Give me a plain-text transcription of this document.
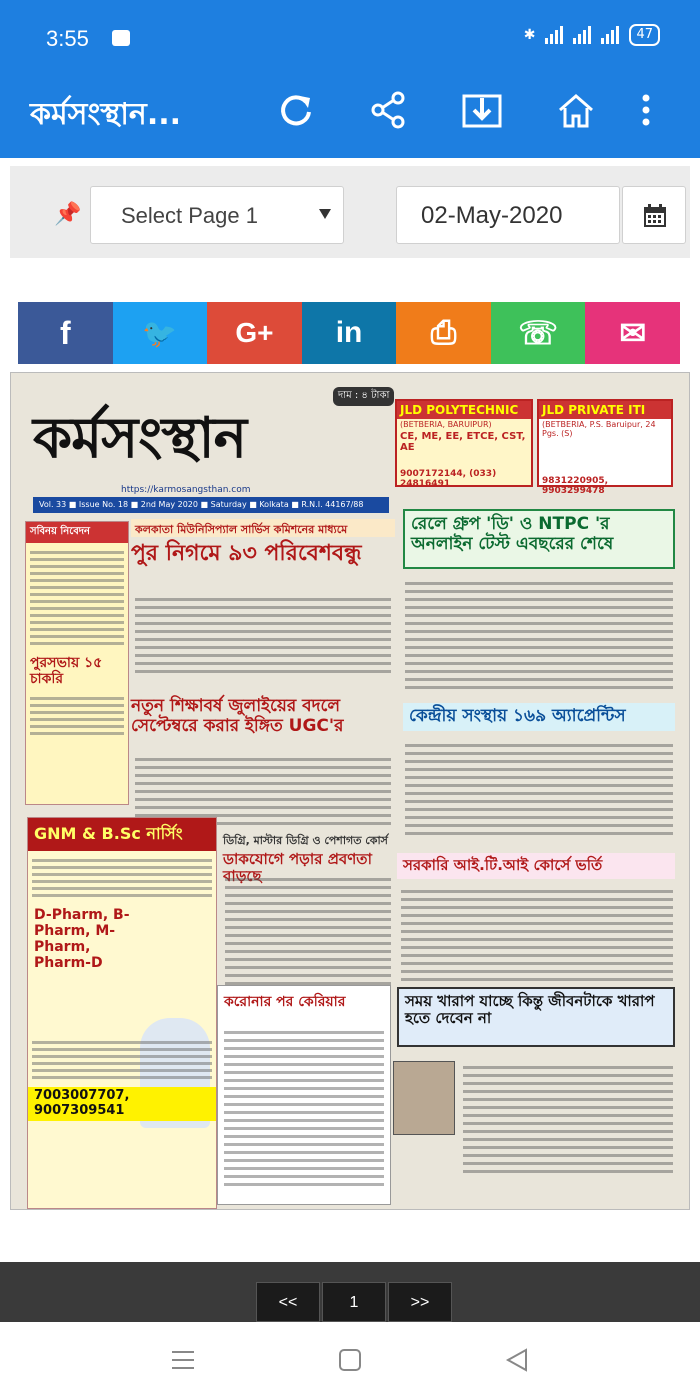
3:55	✱	47
কর্মসংস্থান...
📌 Select Page 1	02-May-2020
f	🐦 G+ in ⎙ ☏ ✉
কর্মসংস্থান
দাম : ৪ টাকা
https://karmosangsthan.com
JLD POLYTECHNIC
(BETBERIA, BARUIPUR)
CE, ME, EE, ETCE, CST, AE
9007172144, (033) 24816491
JLD PRIVATE ITI
(BETBERIA, P.S. Baruipur, 24 Pgs. (S)
9831220905, 9903299478
Vol. 33 ■ Issue No. 18 ■ 2nd May 2020 ■ Saturday ■ Kolkata ■ R.N.I. 44167/88
সবিনয় নিবেদন
পুরসভায় ১৫ চাকরি
কলকাতা মিউনিসিপ্যাল সার্ভিস কমিশনের মাধ্যমে
পুর নিগমে ৯৩ পরিবেশবন্ধু
রেলে গ্রুপ 'ডি' ও NTPC 'র অনলাইন টেস্ট এবছরের শেষে
নতুন শিক্ষাবর্ষ জুলাইয়ের বদলে সেপ্টেম্বরে করার ইঙ্গিত UGC'র	কেন্দ্রীয় সংস্থায় ১৬৯ অ্যাপ্রেন্টিস
ডিগ্রি, মাস্টার ডিগ্রি ও পেশাগত কোর্স
ডাকযোগে পড়ার প্রবণতা বাড়ছে
সরকারি আই.টি.আই কোর্সে ভর্তি
GNM & B.Sc নার্সিং
D-Pharm, B-Pharm, M-Pharm, Pharm-D
7003007707, 9007309541
করোনার পর কেরিয়ার	সময় খারাপ যাচ্ছে কিন্তু জীবনটাকে খারাপ হতে দেবেন না
<<	1	>>
